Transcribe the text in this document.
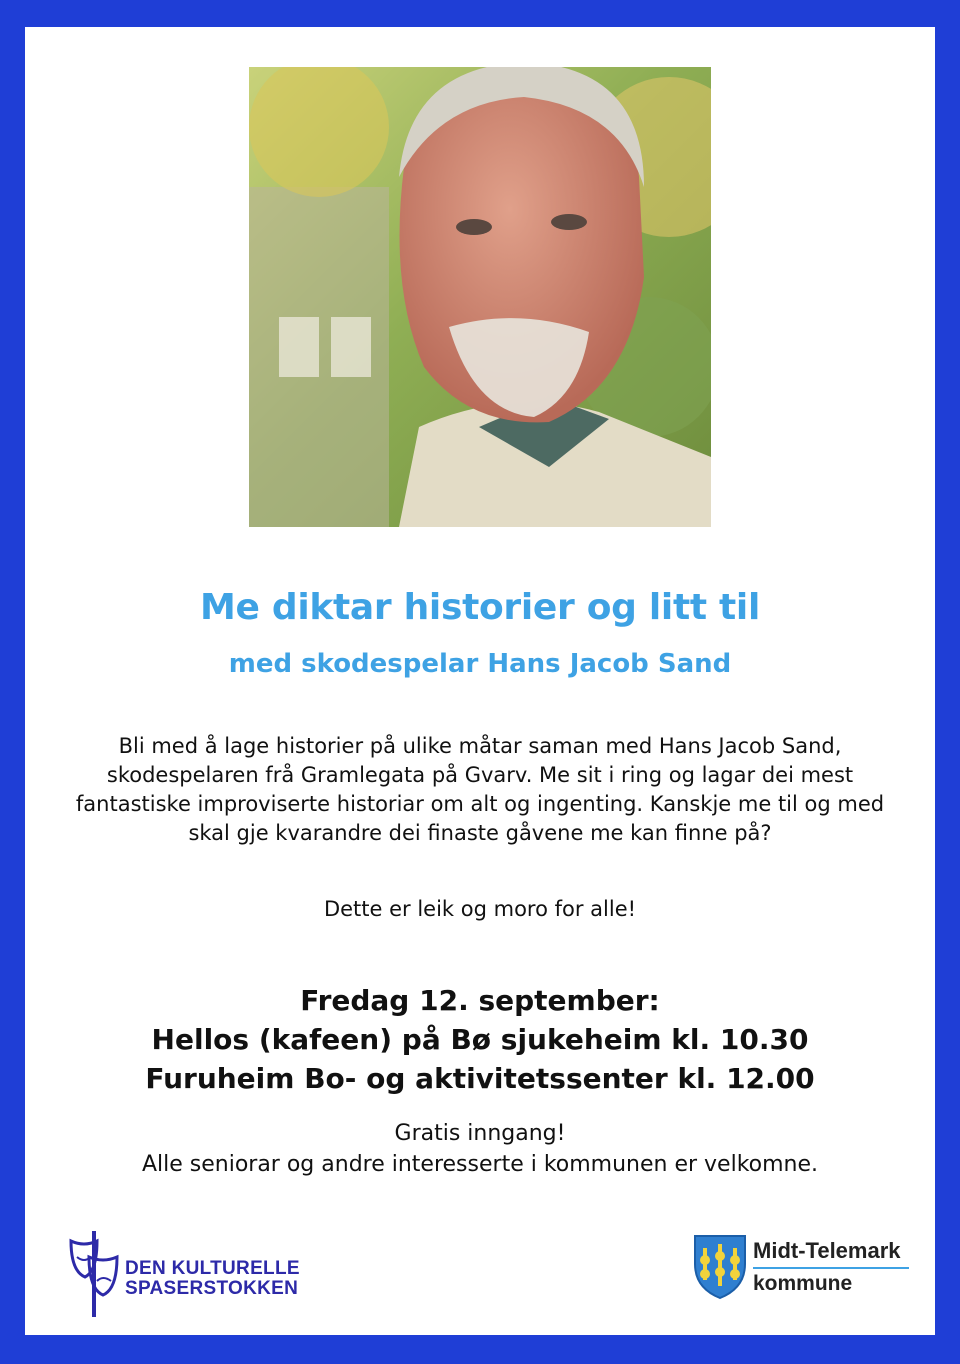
Me diktar historier og litt til
med skodespelar Hans Jacob Sand

Bli med å lage historier på ulike måtar saman med Hans Jacob Sand, skodespelaren frå Gramlegata på Gvarv. Me sit i ring og lagar dei mest fantastiske improviserte historiar om alt og ingenting. Kanskje me til og med skal gje kvarandre dei finaste gåvene me kan finne på?

Dette er leik og moro for alle!

Fredag 12. september:
Hellos (kafeen) på Bø sjukeheim kl. 10.30
Furuheim Bo- og aktivitetssenter kl. 12.00
Gratis inngang!
Alle seniorar og andre interesserte i kommunen er velkomne.
DEN KULTURELLE
SPASERSTOKKEN
Midt-Telemark
kommune
